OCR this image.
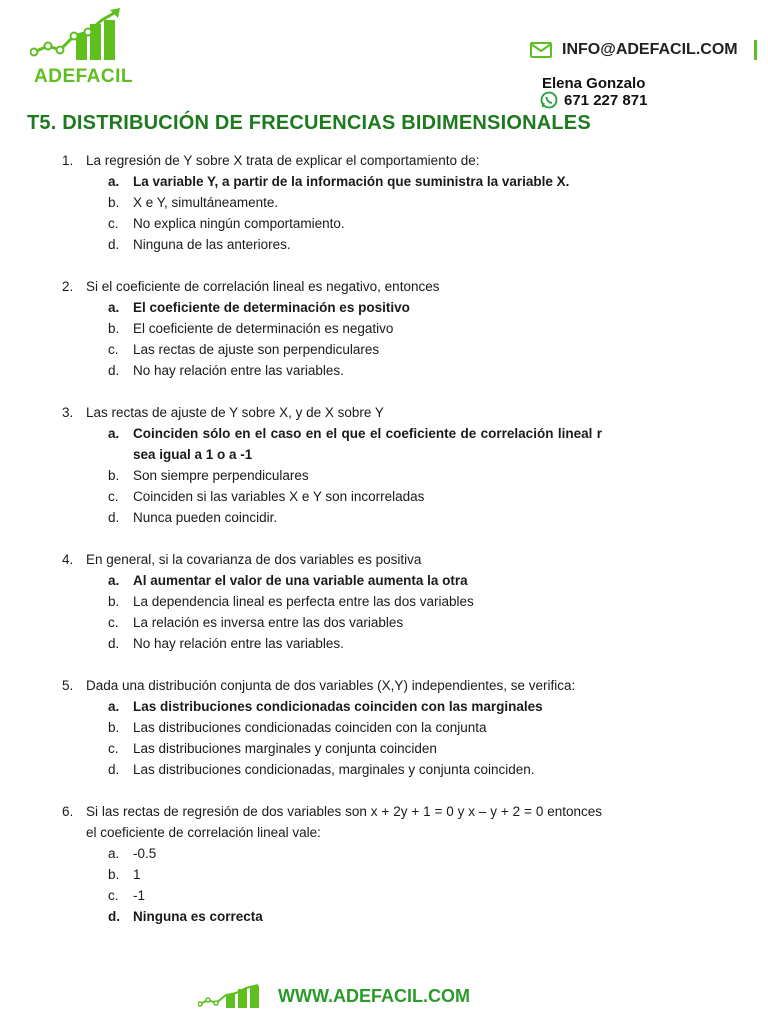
ADEFACIL
INFO@ADEFACIL.COM
Elena Gonzalo
671 227 871
T5. DISTRIBUCIÓN DE FRECUENCIAS BIDIMENSIONALES
1. La regresión de Y sobre X trata de explicar el comportamiento de:
a.	La variable Y, a partir de la información que suministra la variable X.
b.	X e Y, simultáneamente.
c.	No explica ningún comportamiento.
d.	Ninguna de las anteriores.
2. Si el coeficiente de correlación lineal es negativo, entonces
a.	El coeficiente de determinación es positivo
b.	El coeficiente de determinación es negativo
c.	Las rectas de ajuste son perpendiculares
d.	No hay relación entre las variables.
3. Las rectas de ajuste de Y sobre X, y de X sobre Y
a.	Coinciden sólo en el caso en el que el coeficiente de correlación lineal r sea igual a 1 o a -1
b.	Son siempre perpendiculares
c.	Coinciden si las variables X e Y son incorreladas
d.	Nunca pueden coincidir.
4. En general, si la covarianza de dos variables es positiva
a.	Al aumentar el valor de una variable aumenta la otra
b.	La dependencia lineal es perfecta entre las dos variables
c.	La relación es inversa entre las dos variables
d.	No hay relación entre las variables.
5. Dada una distribución conjunta de dos variables (X,Y) independientes, se verifica:
a.	Las distribuciones condicionadas coinciden con las marginales
b.	Las distribuciones condicionadas coinciden con la conjunta
c.	Las distribuciones marginales y conjunta coinciden
d.	Las distribuciones condicionadas, marginales y conjunta coinciden.
6. Si las rectas de regresión de dos variables son x + 2y + 1 = 0 y x – y + 2 = 0 entonces el coeficiente de correlación lineal vale:
a.	-0.5
b.	1
c.	-1
d. Ninguna es correcta
WWW.ADEFACIL.COM
